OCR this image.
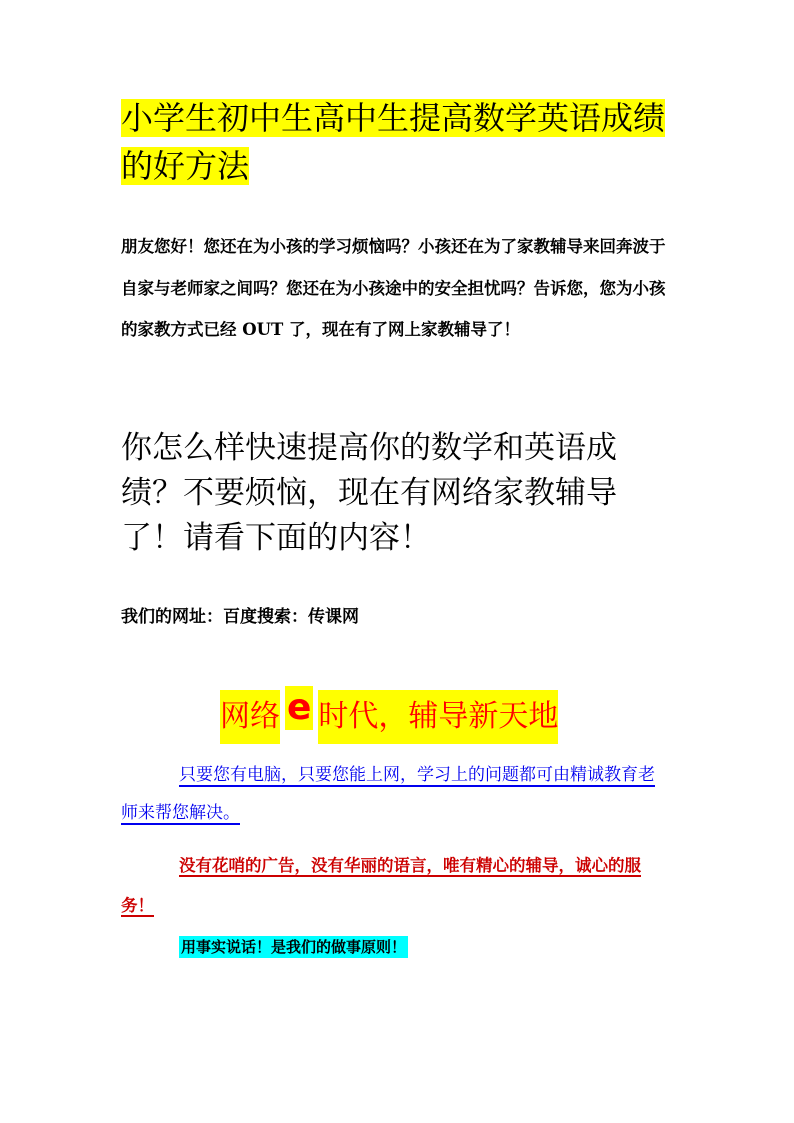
小学生初中生高中生提高数学英语成绩的好方法

朋友您好！您还在为小孩的学习烦恼吗？小孩还在为了家教辅导来回奔波于自家与老师家之间吗？您还在为小孩途中的安全担忧吗？告诉您，您为小孩的家教方式已经 OUT 了，现在有了网上家教辅导了！

你怎么样快速提高你的数学和英语成绩？不要烦恼，现在有网络家教辅导了！请看下面的内容！

我们的网址：百度搜索：传课网

网络 e 时代，辅导新天地

只要您有电脑，只要您能上网，学习上的问题都可由精诚教育老师来帮您解决。

没有花哨的广告，没有华丽的语言，唯有精心的辅导，诚心的服务！

用事实说话！是我们的做事原则！
